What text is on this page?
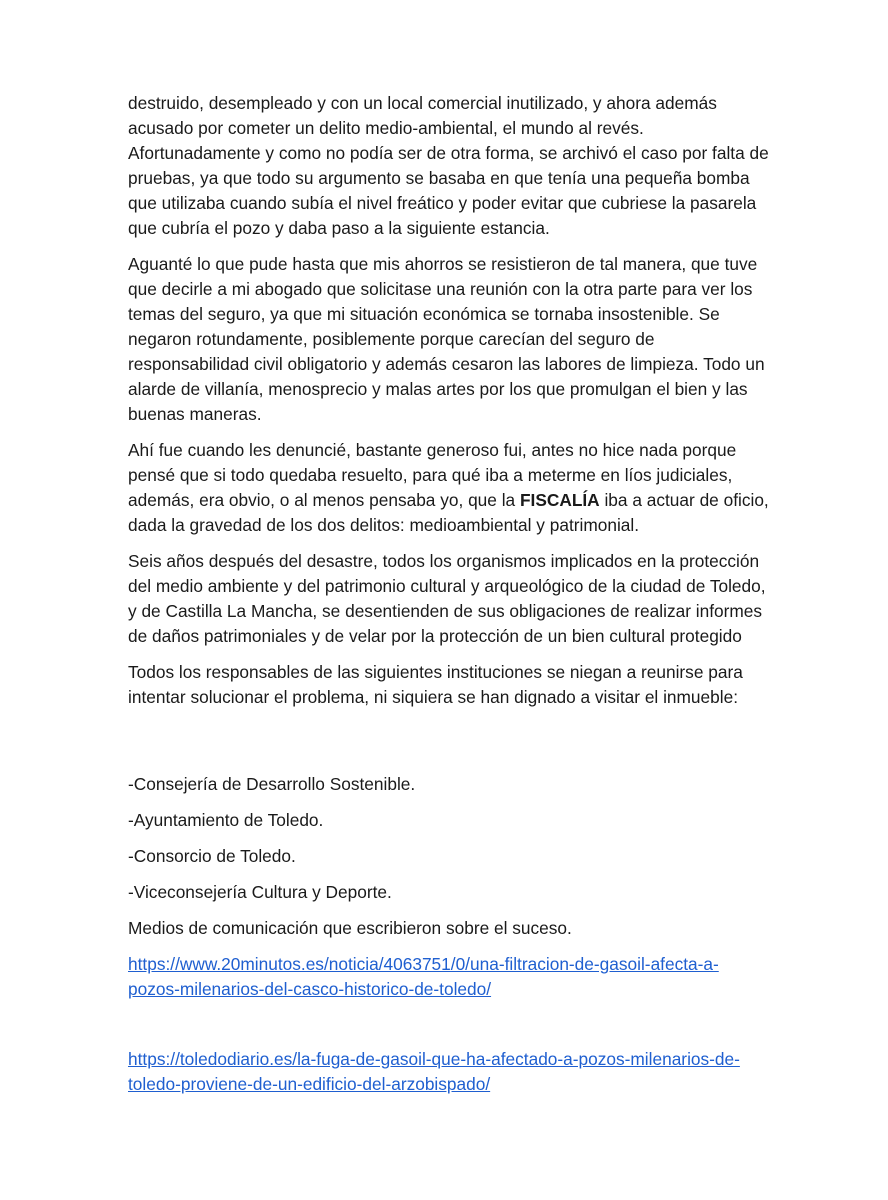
destruido, desempleado y con un local comercial inutilizado, y ahora además acusado por cometer un delito medio-ambiental, el mundo al revés. Afortunadamente y como no podía ser de otra forma, se archivó el caso por falta de pruebas, ya que todo su argumento se basaba en que tenía una pequeña bomba que utilizaba cuando subía el nivel freático y poder evitar que cubriese la pasarela que cubría el pozo y daba paso a la siguiente estancia.

Aguanté lo que pude hasta que mis ahorros se resistieron de tal manera, que tuve que decirle a mi abogado que solicitase una reunión con la otra parte para ver los temas del seguro, ya que mi situación económica se tornaba insostenible. Se negaron rotundamente, posiblemente porque carecían del seguro de responsabilidad civil obligatorio y además cesaron las labores de limpieza. Todo un alarde de villanía, menosprecio y malas artes por los que promulgan el bien y las buenas maneras.

Ahí fue cuando les denuncié, bastante generoso fui, antes no hice nada porque pensé que si todo quedaba resuelto, para qué iba a meterme en líos judiciales, además, era obvio, o al menos pensaba yo, que la FISCALÍA iba a actuar de oficio, dada la gravedad de los dos delitos: medioambiental y patrimonial.

Seis años después del desastre, todos los organismos implicados en la protección del medio ambiente y del patrimonio cultural y arqueológico de la ciudad de Toledo, y de Castilla La Mancha, se desentienden de sus obligaciones de realizar informes de daños patrimoniales y de velar por la protección de un bien cultural protegido

Todos los responsables de las siguientes instituciones se niegan a reunirse para intentar solucionar el problema, ni siquiera se han dignado a visitar el inmueble:

-Consejería de Desarrollo Sostenible.

-Ayuntamiento de Toledo.

-Consorcio de Toledo.

-Viceconsejería Cultura y Deporte.

Medios de comunicación que escribieron sobre el suceso.

https://www.20minutos.es/noticia/4063751/0/una-filtracion-de-gasoil-afecta-a-
pozos-milenarios-del-casco-historico-de-toledo/
https://toledodiario.es/la-fuga-de-gasoil-que-ha-afectado-a-pozos-milenarios-de-
toledo-proviene-de-un-edificio-del-arzobispado/
